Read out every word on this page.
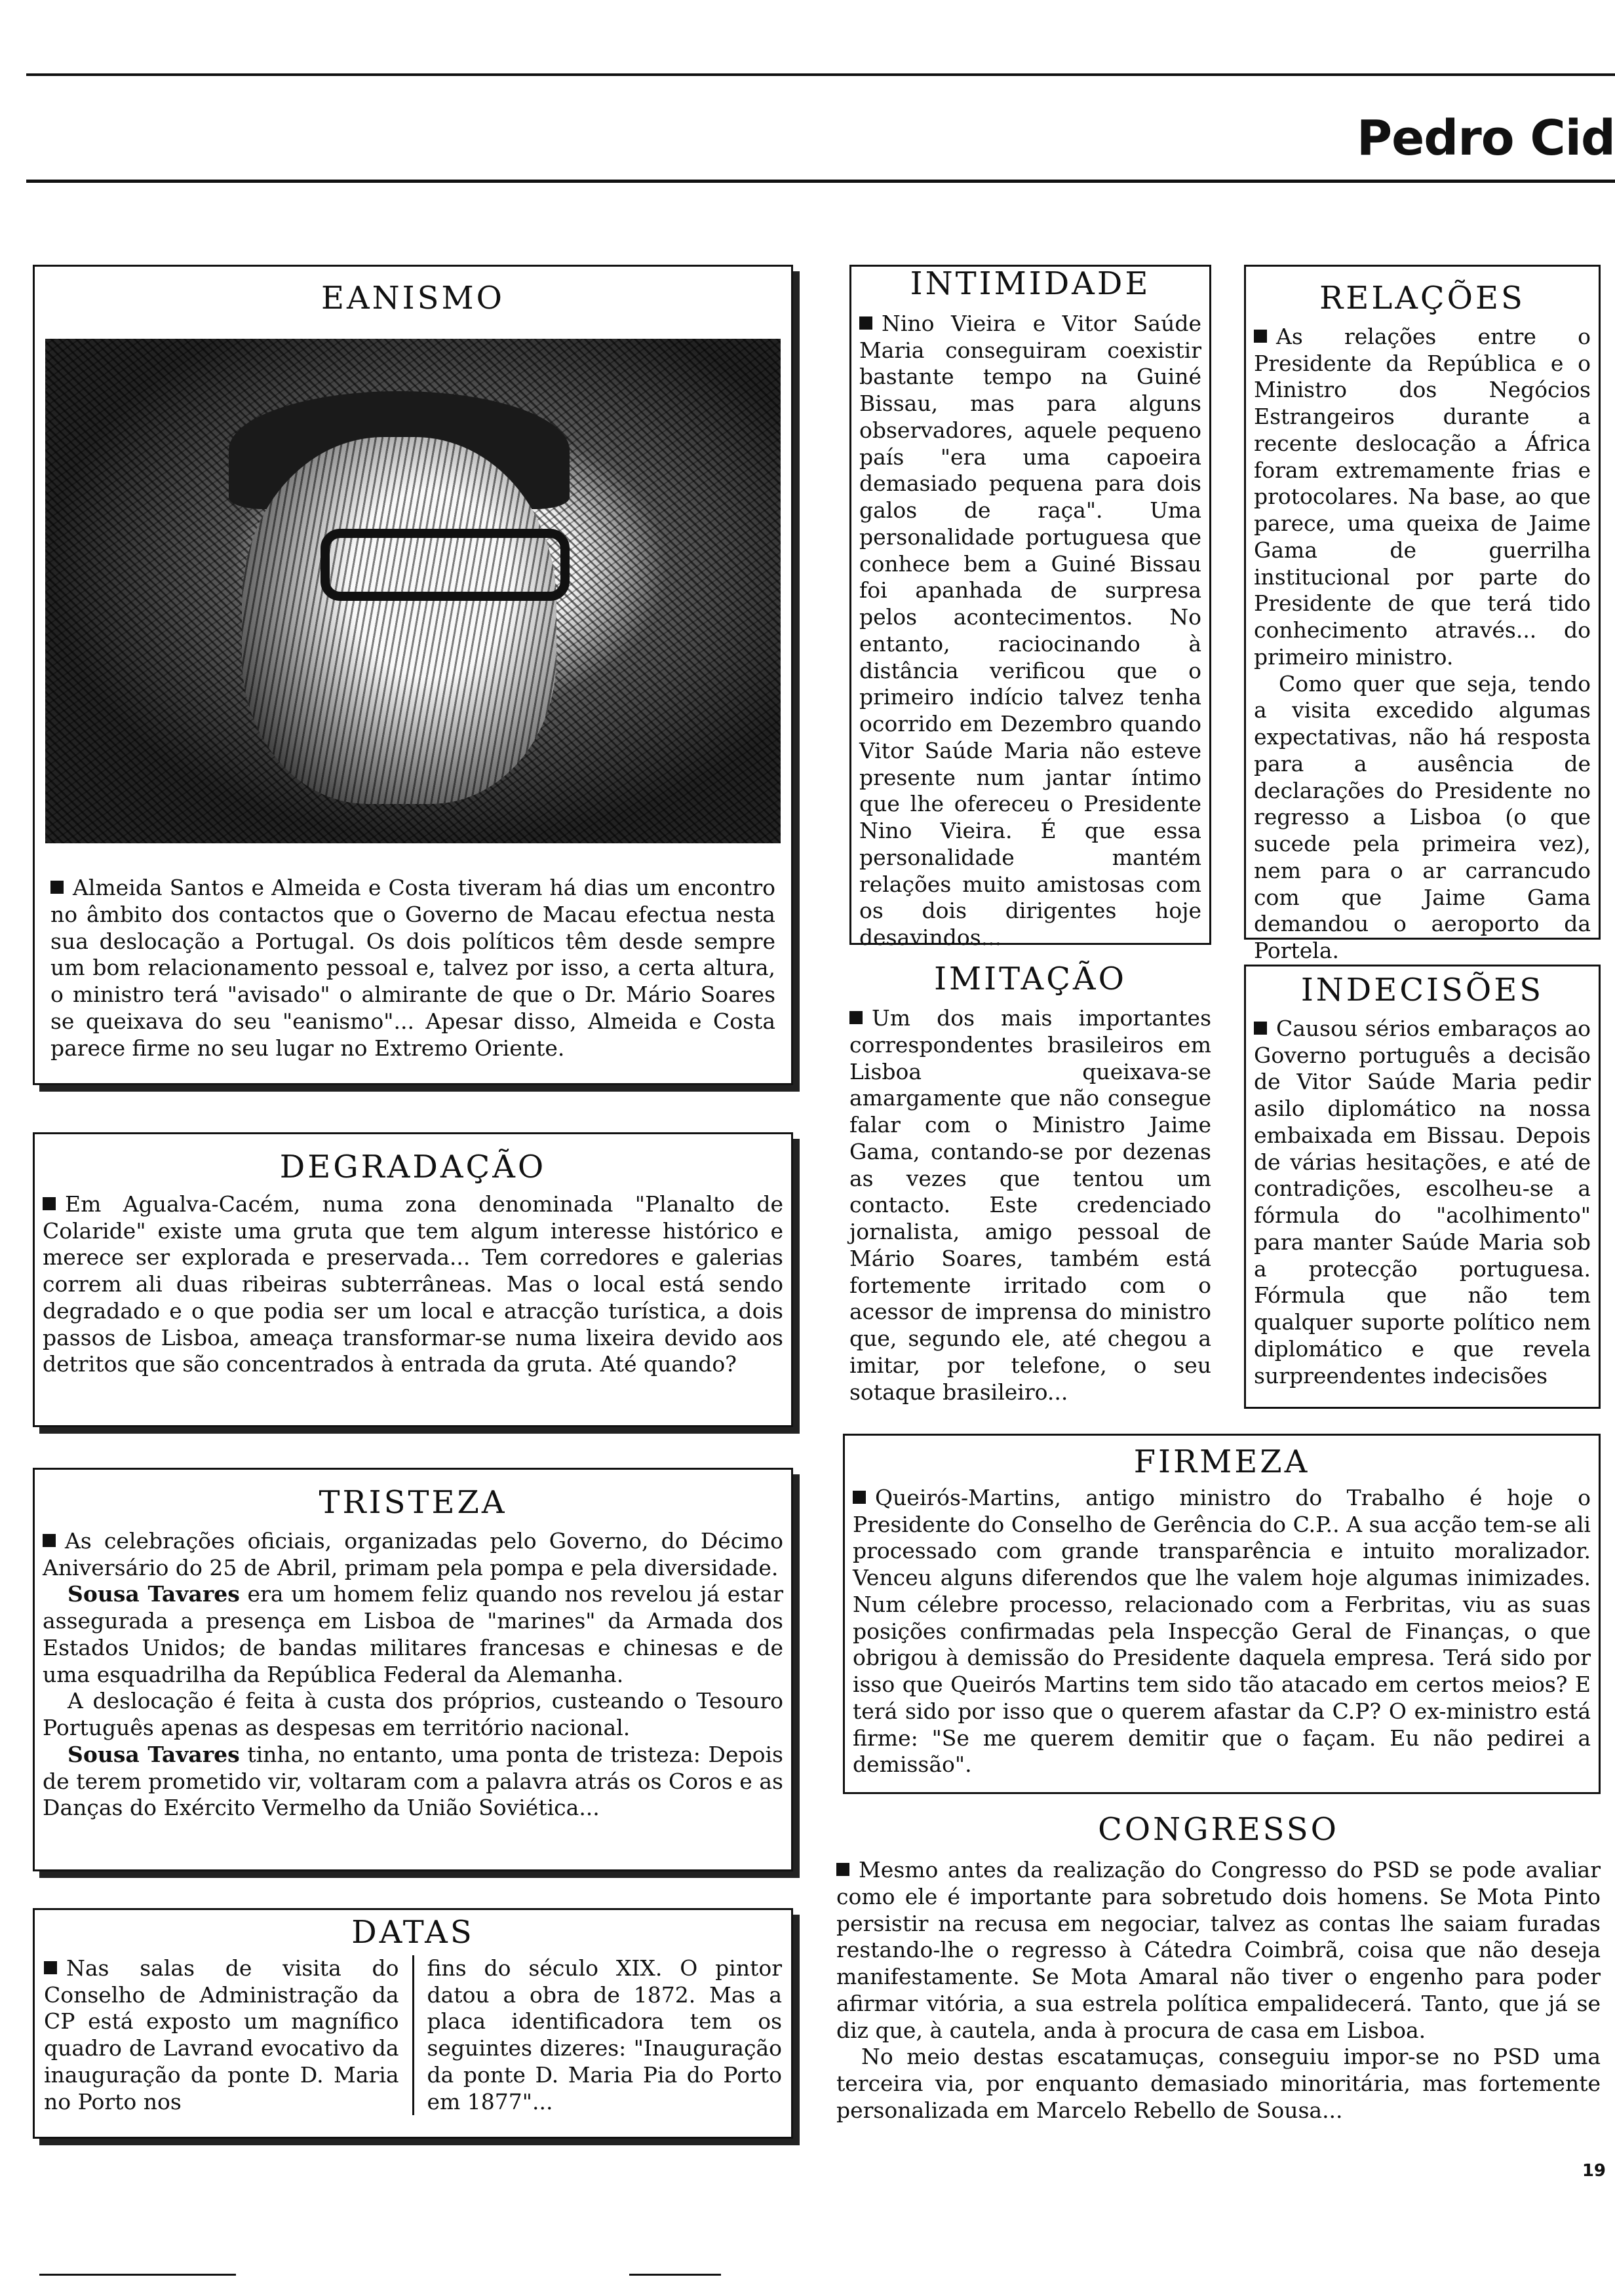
Pedro Cid
EANISMO

Almeida Santos e Almeida e Costa tiveram há dias um encontro no âmbito dos contactos que o Governo de Macau efectua nesta sua deslocação a Portugal. Os dois políticos têm desde sempre um bom relacionamento pessoal e, talvez por isso, a certa altura, o ministro terá "avisado" o almirante de que o Dr. Mário Soares se queixava do seu "eanismo"... Apesar disso, Almeida e Costa parece firme no seu lugar no Extremo Oriente.

DEGRADAÇÃO

Em Agualva-Cacém, numa zona denominada "Planalto de Colaride" existe uma gruta que tem algum interesse histórico e merece ser explorada e preservada... Tem corredores e galerias correm ali duas ribeiras subterrâneas. Mas o local está sendo degradado e o que podia ser um local e atracção turística, a dois passos de Lisboa, ameaça transformar-se numa lixeira devido aos detritos que são concentrados à entrada da gruta. Até quando?

TRISTEZA

As celebrações oficiais, organizadas pelo Governo, do Décimo Aniversário do 25 de Abril, primam pela pompa e pela diversidade.

Sousa Tavares era um homem feliz quando nos revelou já estar assegurada a presença em Lisboa de "marines" da Armada dos Estados Unidos; de bandas militares francesas e chinesas e de uma esquadrilha da República Federal da Alemanha.

A deslocação é feita à custa dos próprios, custeando o Tesouro Português apenas as despesas em território nacional.

Sousa Tavares tinha, no entanto, uma ponta de tristeza: Depois de terem prometido vir, voltaram com a palavra atrás os Coros e as Danças do Exército Vermelho da União Soviética...

DATAS
Nas salas de visita do Conselho de Administração da CP está exposto um magnífico quadro de Lavrand evocativo da inauguração da ponte D. Maria no Porto nos
fins do século XIX. O pintor datou a obra de 1872. Mas a placa identificadora tem os seguintes dizeres: "Inauguração da ponte D. Maria Pia do Porto em 1877"...
INTIMIDADE

Nino Vieira e Vitor Saúde Maria conseguiram coexistir bastante tempo na Guiné Bissau, mas para alguns observadores, aquele pequeno país "era uma capoeira demasiado pequena para dois galos de raça". Uma personalidade portuguesa que conhece bem a Guiné Bissau foi apanhada de surpresa pelos acontecimentos. No entanto, raciocinando à distância verificou que o primeiro indício talvez tenha ocorrido em Dezembro quando Vitor Saúde Maria não esteve presente num jantar íntimo que lhe ofereceu o Presidente Nino Vieira. É que essa personalidade mantém relações muito amistosas com os dois dirigentes hoje desavindos...

IMITAÇÃO

Um dos mais importantes correspondentes brasileiros em Lisboa queixava-se amargamente que não consegue falar com o Ministro Jaime Gama, contando-se por dezenas as vezes que tentou um contacto. Este credenciado jornalista, amigo pessoal de Mário Soares, também está fortemente irritado com o acessor de imprensa do ministro que, segundo ele, até chegou a imitar, por telefone, o seu sotaque brasileiro...

RELAÇÕES

As relações entre o Presidente da República e o Ministro dos Negócios Estrangeiros durante a recente deslocação a África foram extremamente frias e protocolares. Na base, ao que parece, uma queixa de Jaime Gama de guerrilha institucional por parte do Presidente de que terá tido conhecimento através... do primeiro ministro.

Como quer que seja, tendo a visita excedido algumas expectativas, não há resposta para a ausência de declarações do Presidente no regresso a Lisboa (o que sucede pela primeira vez), nem para o ar carrancudo com que Jaime Gama demandou o aeroporto da Portela.

INDECISÕES

Causou sérios embaraços ao Governo português a decisão de Vitor Saúde Maria pedir asilo diplomático na nossa embaixada em Bissau. Depois de várias hesitações, e até de contradições, escolheu-se a fórmula do "acolhimento" para manter Saúde Maria sob a protecção portuguesa. Fórmula que não tem qualquer suporte político nem diplomático e que revela surpreendentes indecisões

FIRMEZA

Queirós-Martins, antigo ministro do Trabalho é hoje o Presidente do Conselho de Gerência do C.P.. A sua acção tem-se ali processado com grande transparência e intuito moralizador. Venceu alguns diferendos que lhe valem hoje algumas inimizades. Num célebre processo, relacionado com a Ferbritas, viu as suas posições confirmadas pela Inspecção Geral de Finanças, o que obrigou à demissão do Presidente daquela empresa. Terá sido por isso que Queirós Martins tem sido tão atacado em certos meios? E terá sido por isso que o querem afastar da C.P? O ex-ministro está firme: "Se me querem demitir que o façam. Eu não pedirei a demissão".

CONGRESSO

Mesmo antes da realização do Congresso do PSD se pode avaliar como ele é importante para sobretudo dois homens. Se Mota Pinto persistir na recusa em negociar, talvez as contas lhe saiam furadas restando-lhe o regresso à Cátedra Coimbrã, coisa que não deseja manifestamente. Se Mota Amaral não tiver o engenho para poder afirmar vitória, a sua estrela política empalidecerá. Tanto, que já se diz que, à cautela, anda à procura de casa em Lisboa.

No meio destas escatamuças, conseguiu impor-se no PSD uma terceira via, por enquanto demasiado minoritária, mas fortemente personalizada em Marcelo Rebello de Sousa...

19
